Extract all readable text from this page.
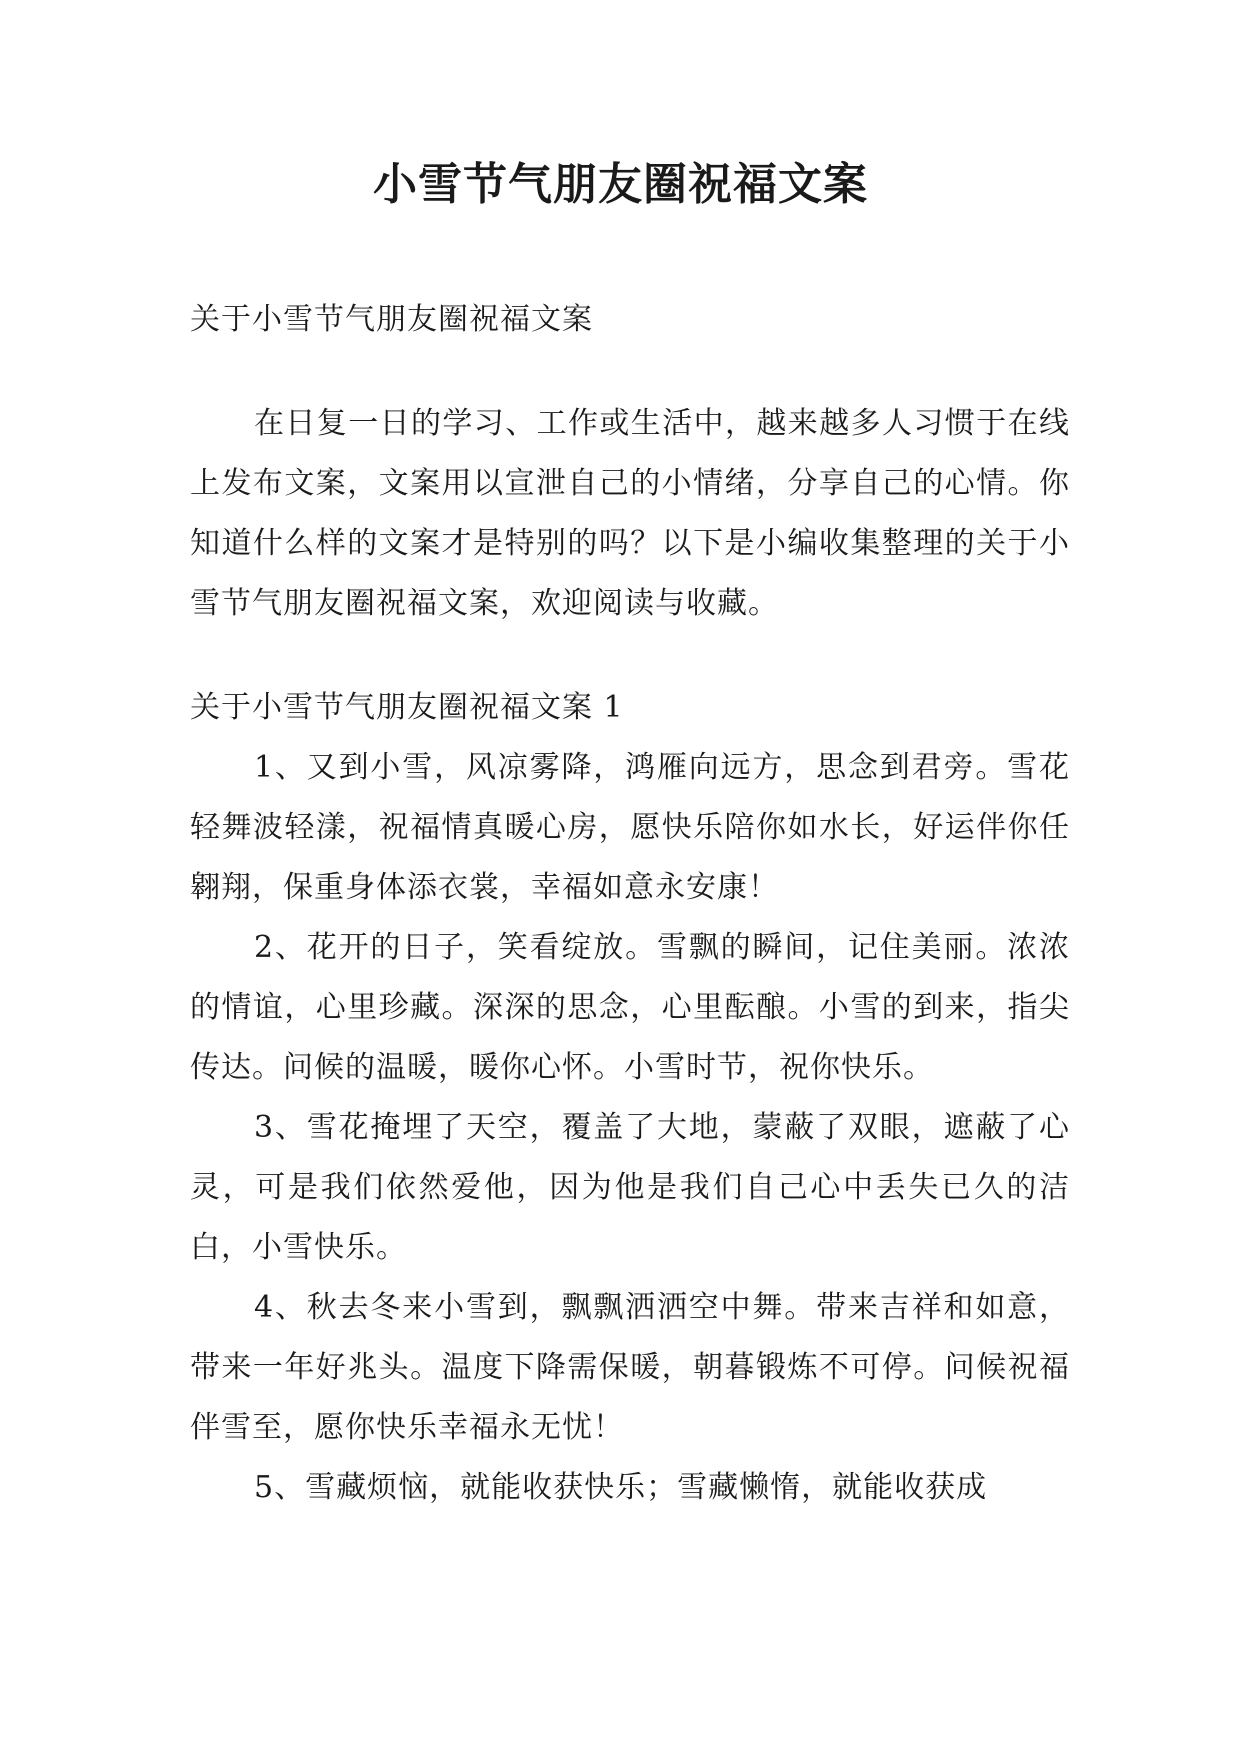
小雪节气朋友圈祝福文案

关于小雪节气朋友圈祝福文案

在日复一日的学习、工作或生活中，越来越多人习惯于在线上发布文案，文案用以宣泄自己的小情绪，分享自己的心情。你知道什么样的文案才是特别的吗？以下是小编收集整理的关于小雪节气朋友圈祝福文案，欢迎阅读与收藏。

关于小雪节气朋友圈祝福文案 1

1、又到小雪，风凉雾降，鸿雁向远方，思念到君旁。雪花轻舞波轻漾，祝福情真暖心房，愿快乐陪你如水长，好运伴你任翱翔，保重身体添衣裳，幸福如意永安康！

2、花开的日子，笑看绽放。雪飘的瞬间，记住美丽。浓浓的情谊，心里珍藏。深深的思念，心里酝酿。小雪的到来，指尖传达。问候的温暖，暖你心怀。小雪时节，祝你快乐。

3、雪花掩埋了天空，覆盖了大地，蒙蔽了双眼，遮蔽了心灵，可是我们依然爱他，因为他是我们自己心中丢失已久的洁白，小雪快乐。

4、秋去冬来小雪到，飘飘洒洒空中舞。带来吉祥和如意，带来一年好兆头。温度下降需保暖，朝暮锻炼不可停。问候祝福伴雪至，愿你快乐幸福永无忧！

5、雪藏烦恼，就能收获快乐；雪藏懒惰，就能收获成
